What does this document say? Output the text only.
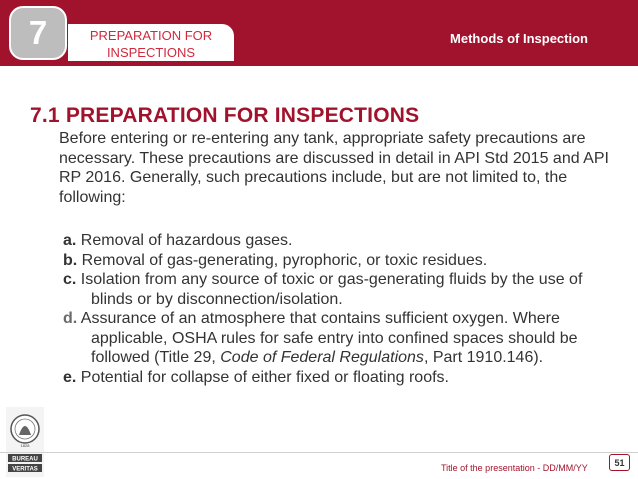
7	PREPARATION FOR
INSPECTIONS
Methods of Inspection
7.1 PREPARATION FOR INSPECTIONS

Before entering or re-entering any tank, appropriate safety precautions are necessary. These precautions are discussed in detail in API Std 2015 and API RP 2016. Generally, such precautions include, but are not limited to, the following:

a. Removal of hazardous gases.
b. Removal of gas-generating, pyrophoric, or toxic residues.
c. Isolation from any source of toxic or gas-generating fluids by the use of blinds or by disconnection/isolation.
d. Assurance of an atmosphere that contains sufficient oxygen. Where applicable, OSHA rules for safe entry into confined spaces should be followed (Title 29, Code of Federal Regulations, Part 1910.146).
e. Potential for collapse of either fixed or floating roofs.
1828
BUREAU
VERITAS	Title of the presentation - DD/MM/YY
51
